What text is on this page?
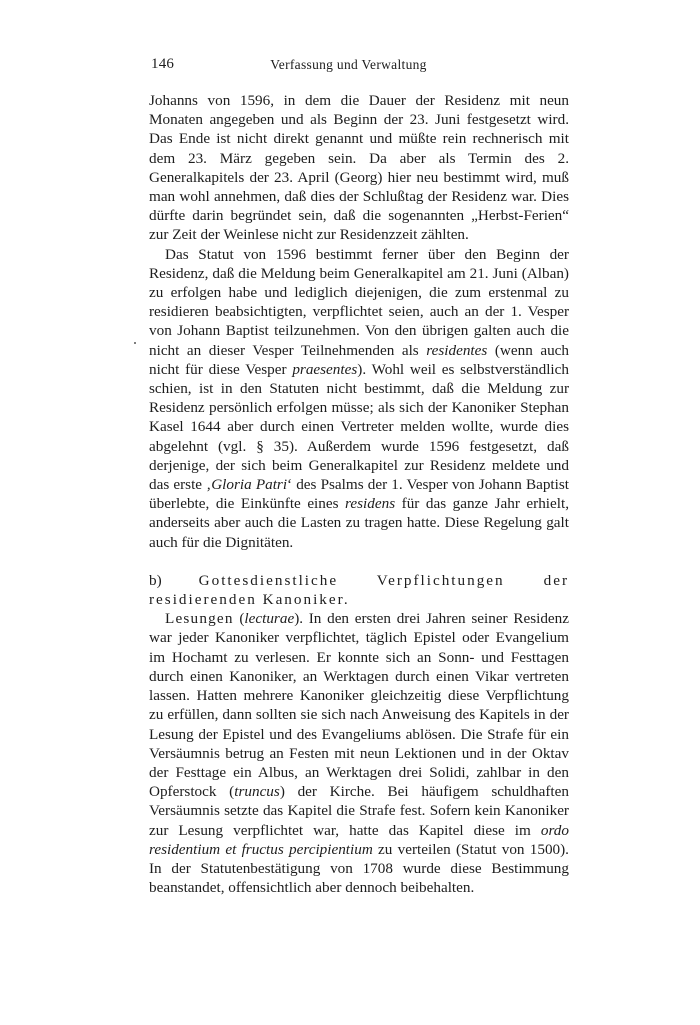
146	Verfassung und Verwaltung

Johanns von 1596, in dem die Dauer der Residenz mit neun Monaten angegeben und als Beginn der 23. Juni festgesetzt wird. Das Ende ist nicht direkt genannt und müßte rein rechnerisch mit dem 23. März gegeben sein. Da aber als Termin des 2. Generalkapitels der 23. April (Georg) hier neu bestimmt wird, muß man wohl annehmen, daß dies der Schlußtag der Residenz war. Dies dürfte darin begründet sein, daß die sogenannten „Herbst-Ferien“ zur Zeit der Weinlese nicht zur Residenzzeit zählten.

Das Statut von 1596 bestimmt ferner über den Beginn der Residenz, daß die Meldung beim Generalkapitel am 21. Juni (Alban) zu erfolgen habe und lediglich diejenigen, die zum erstenmal zu residieren beabsichtigten, verpflichtet seien, auch an der 1. Vesper von Johann Baptist teilzunehmen. Von den übrigen galten auch die nicht an dieser Vesper Teilnehmenden als residentes (wenn auch nicht für diese Vesper praesentes). Wohl weil es selbstverständlich schien, ist in den Statuten nicht bestimmt, daß die Meldung zur Residenz persönlich erfolgen müsse; als sich der Kanoniker Stephan Kasel 1644 aber durch einen Vertreter melden wollte, wurde dies abgelehnt (vgl. § 35). Außerdem wurde 1596 festgesetzt, daß derjenige, der sich beim Generalkapitel zur Residenz meldete und das erste ‚Gloria Patri‘ des Psalms der 1. Vesper von Johann Baptist überlebte, die Einkünfte eines residens für das ganze Jahr erhielt, anderseits aber auch die Lasten zu tragen hatte. Diese Regelung galt auch für die Dignitäten.

b) Gottesdienstliche Verpflichtungen der residierenden Kanoniker.

Lesungen (lecturae). In den ersten drei Jahren seiner Residenz war jeder Kanoniker verpflichtet, täglich Epistel oder Evangelium im Hochamt zu verlesen. Er konnte sich an Sonn- und Festtagen durch einen Kanoniker, an Werktagen durch einen Vikar vertreten lassen. Hatten mehrere Kanoniker gleichzeitig diese Verpflichtung zu erfüllen, dann sollten sie sich nach Anweisung des Kapitels in der Lesung der Epistel und des Evangeliums ablösen. Die Strafe für ein Versäumnis betrug an Festen mit neun Lektionen und in der Oktav der Festtage ein Albus, an Werktagen drei Solidi, zahlbar in den Opferstock (truncus) der Kirche. Bei häufigem schuldhaften Versäumnis setzte das Kapitel die Strafe fest. Sofern kein Kanoniker zur Lesung verpflichtet war, hatte das Kapitel diese im ordo residentium et fructus percipientium zu verteilen (Statut von 1500). In der Statutenbestätigung von 1708 wurde diese Bestimmung beanstandet, offensichtlich aber dennoch beibehalten.
